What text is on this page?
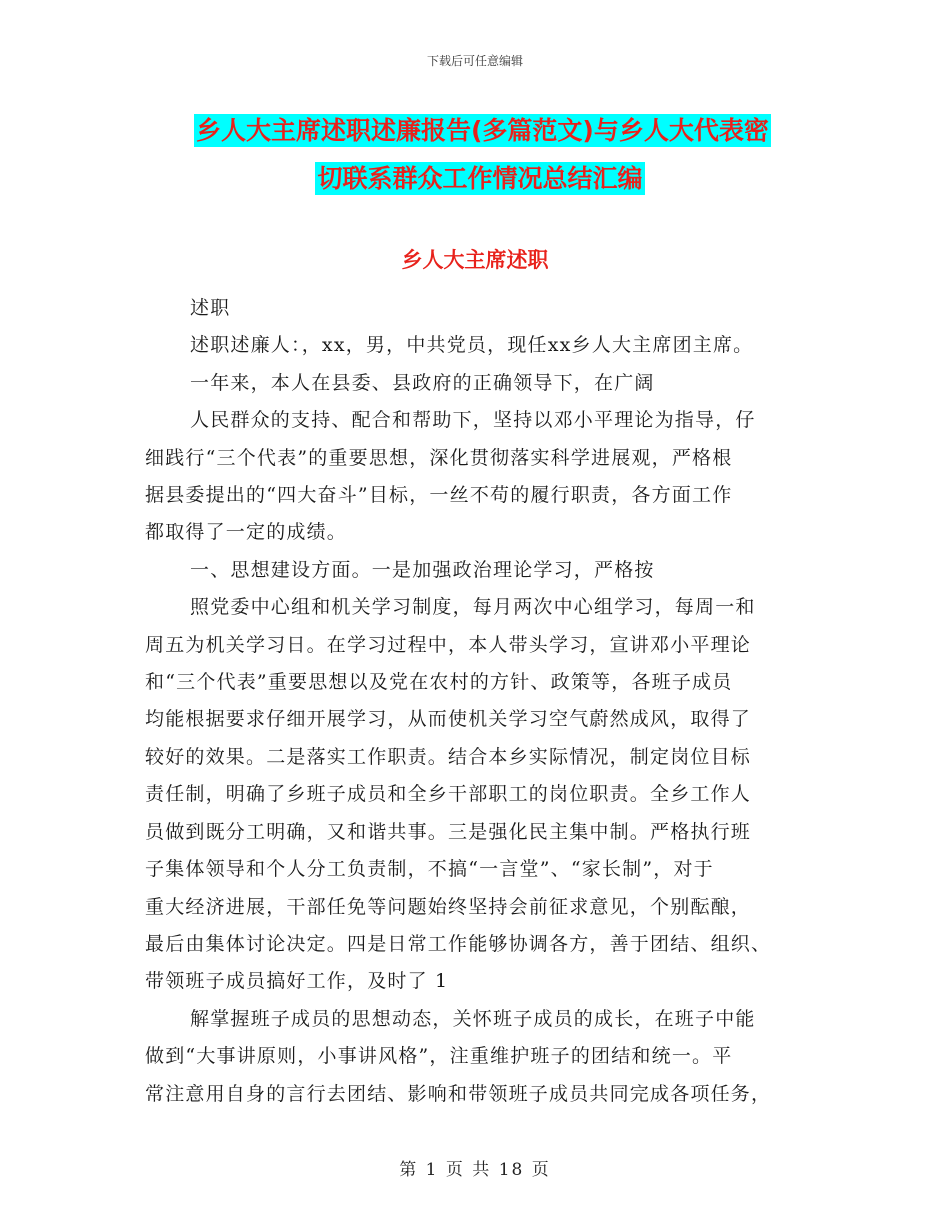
下载后可任意编辑
乡人大主席述职述廉报告(多篇范文)与乡人大代表密
切联系群众工作情况总结汇编
乡人大主席述职

述职

述职述廉人：，xx，男，中共党员，现任xx乡人大主席团主席。

一年来，本人在县委、县政府的正确领导下，在广阔

人民群众的支持、配合和帮助下，坚持以邓小平理论为指导，仔

细践行“三个代表”的重要思想，深化贯彻落实科学进展观，严格根

据县委提出的“四大奋斗”目标，一丝不苟的履行职责，各方面工作

都取得了一定的成绩。

一、思想建设方面。一是加强政治理论学习，严格按

照党委中心组和机关学习制度，每月两次中心组学习，每周一和

周五为机关学习日。在学习过程中，本人带头学习，宣讲邓小平理论

和“三个代表”重要思想以及党在农村的方针、政策等，各班子成员

均能根据要求仔细开展学习，从而使机关学习空气蔚然成风，取得了

较好的效果。二是落实工作职责。结合本乡实际情况，制定岗位目标

责任制，明确了乡班子成员和全乡干部职工的岗位职责。全乡工作人

员做到既分工明确，又和谐共事。三是强化民主集中制。严格执行班

子集体领导和个人分工负责制，不搞“一言堂”、“家长制”，对于

重大经济进展，干部任免等问题始终坚持会前征求意见，个别酝酿，

最后由集体讨论决定。四是日常工作能够协调各方，善于团结、组织、

带领班子成员搞好工作，及时了 1

解掌握班子成员的思想动态，关怀班子成员的成长，在班子中能

做到“大事讲原则，小事讲风格”，注重维护班子的团结和统一。平

常注意用自身的言行去团结、影响和带领班子成员共同完成各项任务，

第 1 页 共 18 页
